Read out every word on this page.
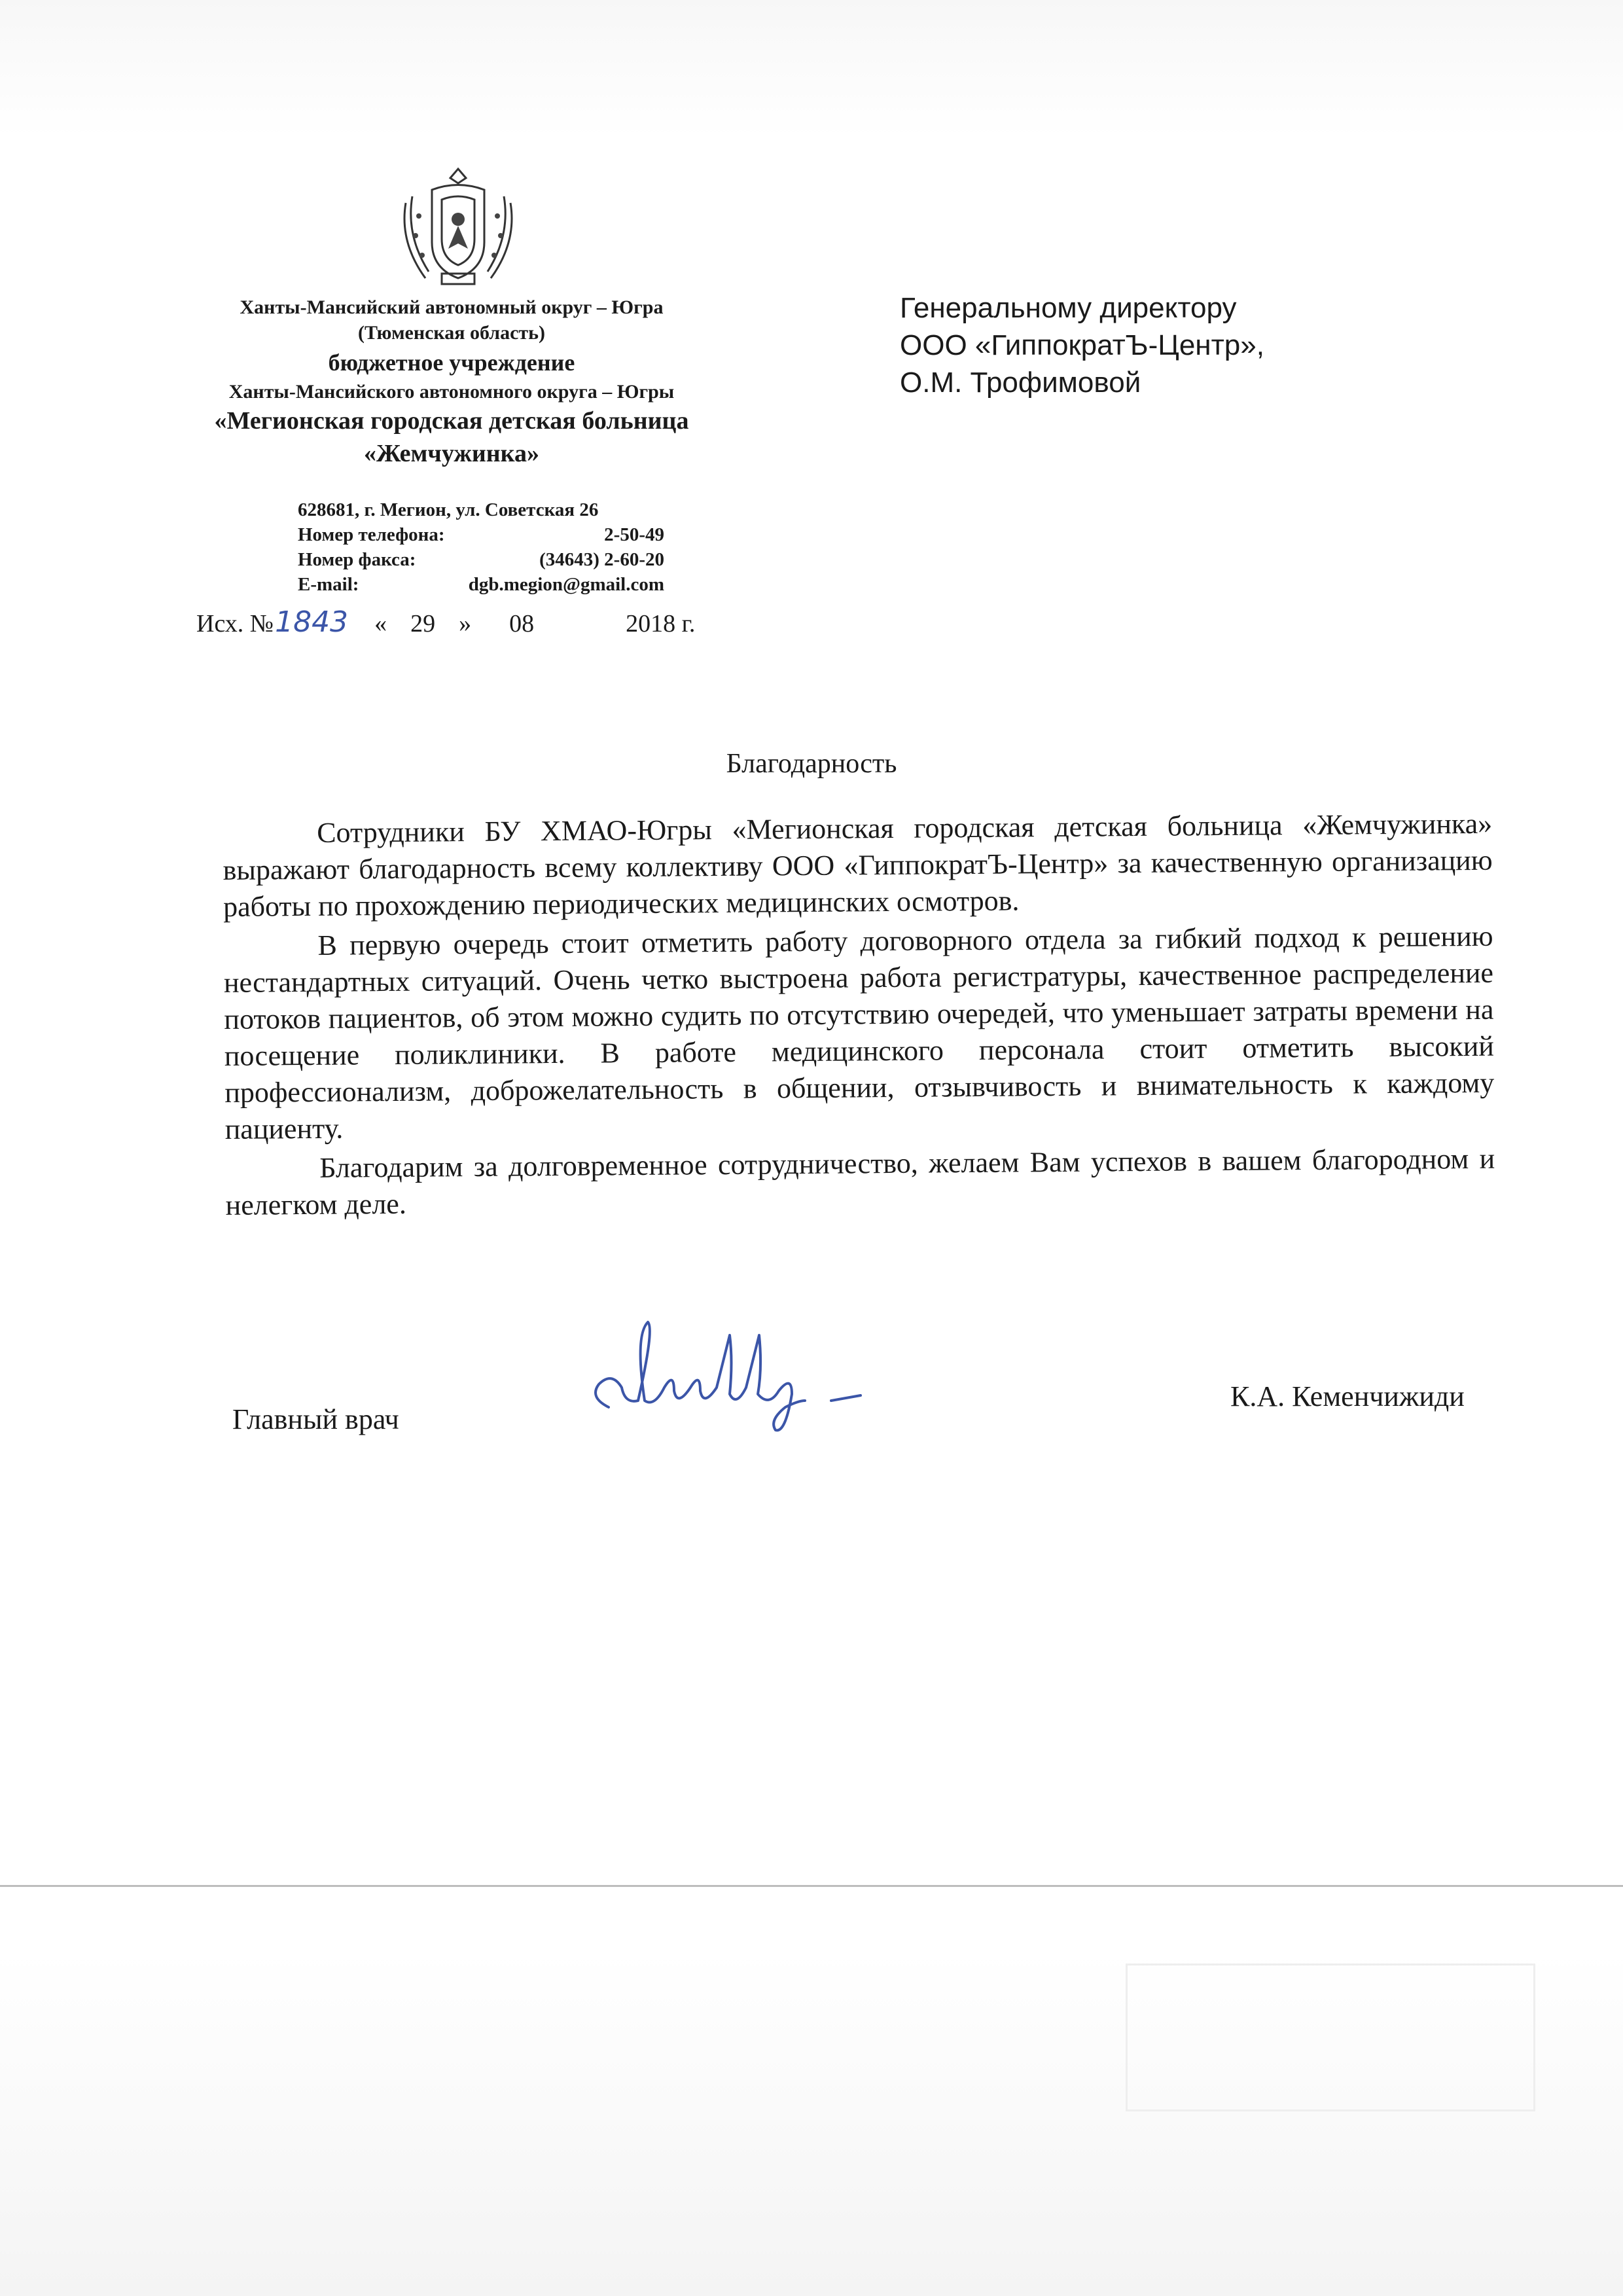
Ханты-Мансийский автономный округ – Югра
(Тюменская область)
бюджетное учреждение
Ханты-Мансийского автономного округа – Югры
«Мегионская городская детская больница
«Жемчужинка»
628681, г. Мегион, ул. Советская 26
Номер телефона:	2-50-49
Номер факса:	(34643) 2-60-20
E-mail:	dgb.megion@gmail.com
Исх. №1843 « 29 » 08	2018 г.
Генеральному директору
ООО «ГиппократЪ-Центр»,
О.М. Трофимовой
Благодарность

Сотрудники БУ ХМАО-Югры «Мегионская городская детская больница «Жемчужинка» выражают благодарность всему коллективу ООО «ГиппократЪ-Центр» за качественную организацию работы по прохождению периодических медицинских осмотров.

В первую очередь стоит отметить работу договорного отдела за гибкий подход к решению нестандартных ситуаций. Очень четко выстроена работа регистратуры, качественное распределение потоков пациентов, об этом можно судить по отсутствию очередей, что уменьшает затраты времени на посещение поликлиники. В работе медицинского персонала стоит отметить высокий профессионализм, доброжелательность в общении, отзывчивость и внимательность к каждому пациенту.

Благодарим за долговременное сотрудничество, желаем Вам успехов в вашем благородном и нелегком деле.

Главный врач
К.А. Кеменчижиди
